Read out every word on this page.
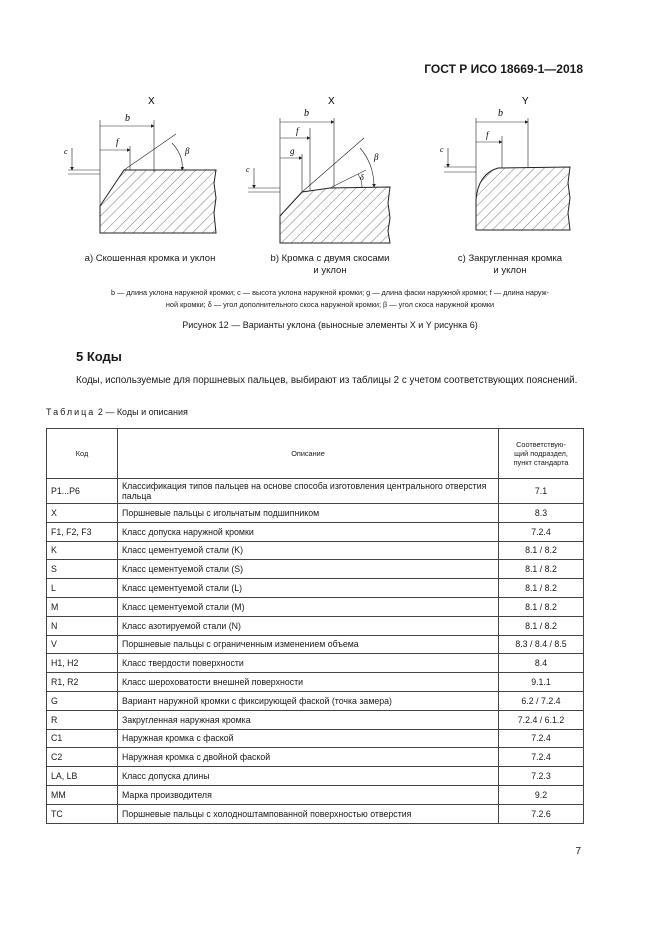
ГОСТ Р ИСО 18669-1—2018
X
b
f
c	β
X
b
f
g
c
β
δ
Y
b
f
c
а) Скошенная кромка и уклон	b) Кромка с двумя скосами
и уклон
с) Закругленная кромка
и уклон
b — длина уклона наружной кромки; c — высота уклона наружной кромки; g — длина фаски наружной кромки; f — длина наруж-
ной кромки; δ — угол дополнительного скоса наружной кромки; β — угол скоса наружной кромки
Рисунок 12 — Варианты уклона (выносные элементы X и Y рисунка 6)
5 Коды
Коды, используемые для поршневых пальцев, выбирают из таблицы 2 с учетом соответствующих пояснений.
Таблица 2 — Коды и описания
Код	Описание	Соответствую-
щий подраздел,
пункт стандарта

P1...P6	Классификация типов пальцев на основе способа изготовления центрального отверстия пальца	7.1
X	Поршневые пальцы с игольчатым подшипником	8.3
F1, F2, F3	Класс допуска наружной кромки	7.2.4
K	Класс цементуемой стали (K)	8.1 / 8.2
S	Класс цементуемой стали (S)	8.1 / 8.2
L	Класс цементуемой стали (L)	8.1 / 8.2
M	Класс цементуемой стали (M)	8.1 / 8.2
N	Класс азотируемой стали (N)	8.1 / 8.2
V	Поршневые пальцы с ограниченным изменением объема	8.3 / 8.4 / 8.5
H1, H2	Класс твердости поверхности	8.4
R1, R2	Класс шероховатости внешней поверхности	9.1.1
G	Вариант наружной кромки с фиксирующей фаской (точка замера)	6.2 / 7.2.4
R	Закругленная наружная кромка	7.2.4 / 6.1.2
C1	Наружная кромка с фаской	7.2.4
C2	Наружная кромка с двойной фаской	7.2.4
LA, LB	Класс допуска длины	7.2.3
MM	Марка производителя	9.2
TC	Поршневые пальцы с холодноштампованной поверхностью отверстия	7.2.6
7
